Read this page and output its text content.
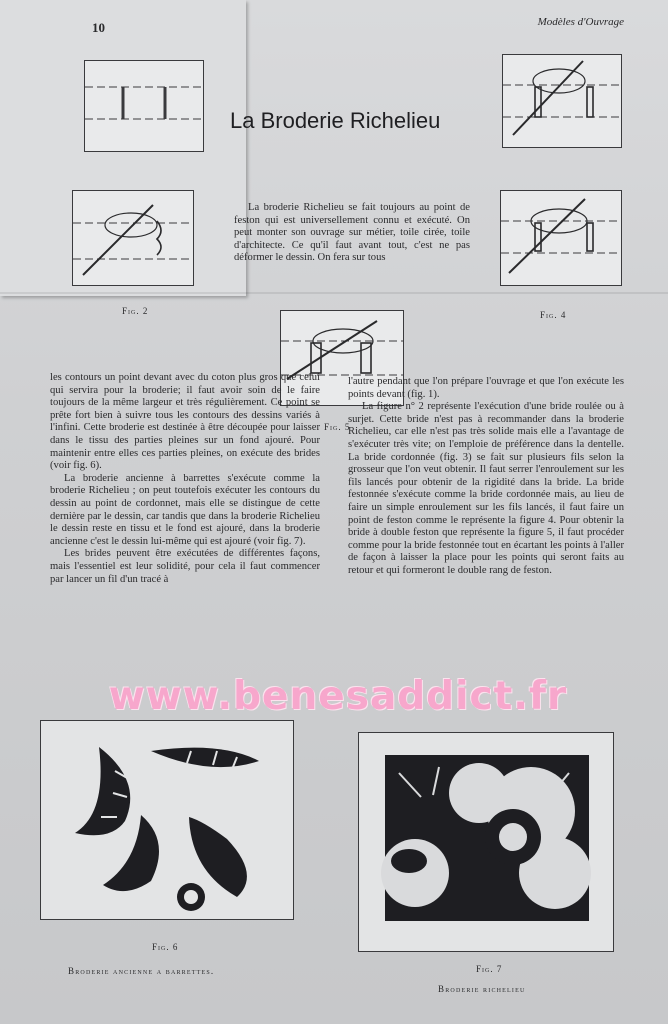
10	Modèles d'Ouvrage
La Broderie Richelieu
Fig. 2	Fig. 4
Fig. 5

La broderie Richelieu se fait toujours au point de feston qui est universellement connu et exécuté. On peut monter son ouvrage sur métier, toile cirée, toile d'architecte. Ce qu'il faut avant tout, c'est ne pas déformer le dessin. On fera sur tous

les contours un point devant avec du coton plus gros que celui qui servira pour la broderie; il faut avoir soin de le faire toujours de la même largeur et très régulièrement. Ce point se prête fort bien à suivre tous les contours des dessins variés à l'infini. Cette broderie est destinée à être découpée pour laisser dans le tissu des parties pleines sur un fond ajouré. Pour maintenir entre elles ces parties pleines, on exécute des brides (voir fig. 6).

La broderie ancienne à barrettes s'exécute comme la broderie Richelieu ; on peut toutefois exécuter les contours du dessin au point de cordonnet, mais elle se distingue de cette dernière par le dessin, car tandis que dans la broderie Richelieu le dessin reste en tissu et le fond est ajouré, dans la broderie ancienne c'est le dessin lui-même qui est ajouré (voir fig. 7).

Les brides peuvent être exécutées de différentes façons, mais l'essentiel est leur solidité, pour cela il faut commencer par lancer un fil d'un tracé à

l'autre pendant que l'on prépare l'ouvrage et que l'on exécute les points devant (fig. 1).

La figure n° 2 représente l'exécution d'une bride roulée ou à surjet. Cette bride n'est pas à recommander dans la broderie Richelieu, car elle n'est pas très solide mais elle a l'avantage de s'exécuter très vite; on l'emploie de préférence dans la dentelle. La bride cordonnée (fig. 3) se fait sur plusieurs fils selon la grosseur que l'on veut obtenir. Il faut serrer l'enroulement sur les fils lancés pour obtenir de la rigidité dans la bride. La bride festonnée s'exécute comme la bride cordonnée mais, au lieu de faire un simple enroulement sur les fils lancés, il faut faire un point de feston comme le représente la figure 4. Pour obtenir la bride à double feston que représente la figure 5, il faut procéder comme pour la bride festonnée tout en écartant les points à l'aller de façon à laisser la place pour les points qui seront faits au retour et qui formeront le double rang de feston.

www.benesaddict.fr
Fig. 6
Fig. 7
Broderie ancienne a barrettes.
Broderie richelieu
